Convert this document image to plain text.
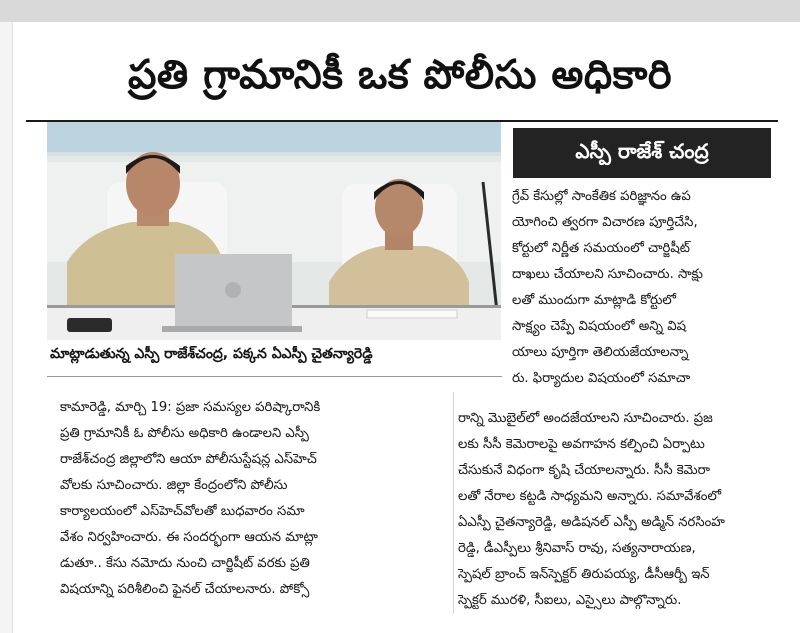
ప్రతి గ్రామానికీ ఒక పోలీసు అధికారి
మాట్లాడుతున్న ఎస్పీ రాజేశ్‌చంద్ర, పక్కన ఏఎస్పీ చైతన్యారెడ్డి
ఎస్పీ రాజేశ్ చంద్ర
గ్రేవ్ కేసుల్లో సాంకేతిక పరిజ్ఞానం ఉప
యోగించి త్వరగా విచారణ పూర్తిచేసి,
కోర్టులో నిర్ణీత సమయంలో చార్జిషీట్
దాఖలు చేయాలని సూచించారు. సాక్షు
లతో ముందుగా మాట్లాడి కోర్టులో
సాక్ష్యం చెప్పే విషయంలో అన్ని విష
యాలు పూర్తిగా తెలియజేయాలన్నా
రు. ఫిర్యాదుల విషయంలో సమాచా
కామారెడ్డి, మార్చి 19: ప్రజా సమస్యల పరిష్కారానికి
ప్రతి గ్రామానికీ ఓ పోలీసు అధికారి ఉండాలని ఎస్పీ
రాజేశ్‌చంద్ర జిల్లాలోని ఆయా పోలీసుస్టేషన్ల ఎస్‌హెచ్
వోలకు సూచించారు. జిల్లా కేంద్రంలోని పోలీసు
కార్యాలయంలో ఎస్‌హెచ్‌వోలతో బుధవారం సమా
వేశం నిర్వహించారు. ఈ సందర్భంగా ఆయన మాట్లా
డుతూ.. కేసు నమోదు నుంచి చార్జిషీట్ వరకు ప్రతి
విషయాన్ని పరిశీలించి ఫైనల్ చేయాలనారు. పోక్సో
రాన్ని మొబైల్‌లో అందజేయాలని సూచించారు. ప్రజ
లకు సీసీ కెమెరాలపై అవగాహన కల్పించి ఏర్పాటు
చేసుకునే విధంగా కృషి చేయాలన్నారు. సీసీ కెమెరా
లతో నేరాల కట్టడి సాధ్యమని అన్నారు. సమావేశంలో
ఏఎస్పీ చైతన్యారెడ్డి, అడిషనల్ ఎస్పీ అడ్మిన్ నరసింహ
రెడ్డి, డీఎస్పీలు శ్రీనివాస్ రావు, సత్యనారాయణ,
స్పెషల్ బ్రాంచ్ ఇన్‌స్పెక్టర్ తిరుపయ్య, డీసీఆర్బీ ఇన్
స్పెక్టర్ మురళి, సీఐలు, ఎస్సైలు పాల్గొన్నారు.
